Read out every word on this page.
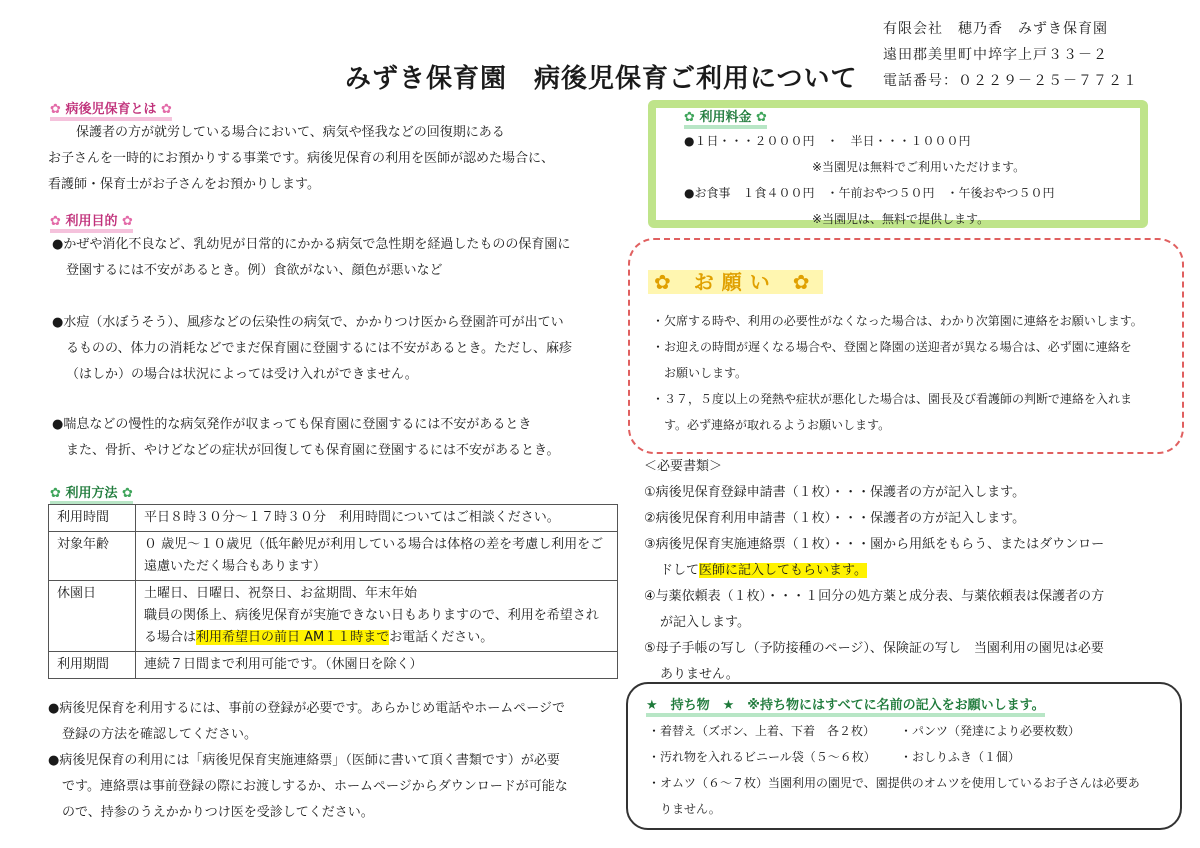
有限会社　穂乃香　みずき保育園
遠田郡美里町中埣字上戸３３－２
電話番号：０２２９－２５－７７２１
みずき保育園　病後児保育ご利用について
✿ 病後児保育とは ✿
保護者の方が就労している場合において、病気や怪我などの回復期にある
お子さんを一時的にお預かりする事業です。病後児保育の利用を医師が認めた場合に、
看護師・保育士がお子さんをお預かりします。
✿ 利用目的 ✿
●かぜや消化不良など、乳幼児が日常的にかかる病気で急性期を経過したものの保育園に
登園するには不安があるとき。例）食欲がない、顔色が悪いなど
●水痘（水ぼうそう）、風疹などの伝染性の病気で、かかりつけ医から登園許可が出てい
るものの、体力の消耗などでまだ保育園に登園するには不安があるとき。ただし、麻疹
（はしか）の場合は状況によっては受け入れができません。
●喘息などの慢性的な病気発作が収まっても保育園に登園するには不安があるとき
また、骨折、やけどなどの症状が回復しても保育園に登園するには不安があるとき。
✿ 利用方法 ✿
利用時間	平日８時３０分～１７時３０分　利用時間についてはご相談ください。
対象年齢	０ 歳児～１０歳児（低年齢児が利用している場合は体格の差を考慮し利用をご遠慮いただく場合もあります）
休園日	土曜日、日曜日、祝祭日、お盆期間、年末年始
職員の関係上、病後児保育が実施できない日もありますので、利用を希望される場合は利用希望日の前日 AM１１時までお電話ください。

利用期間	連続７日間まで利用可能です。（休園日を除く）
●病後児保育を利用するには、事前の登録が必要です。あらかじめ電話やホームページで
登録の方法を確認してください。
●病後児保育の利用には「病後児保育実施連絡票」（医師に書いて頂く書類です）が必要
です。連絡票は事前登録の際にお渡しするか、ホームページからダウンロードが可能な
ので、持参のうえかかりつけ医を受診してください。
✿ 利用料金 ✿
●１日・・・２０００円　・　半日・・・１０００円
※当園児は無料でご利用いただけます。
●お食事　１食４００円　・午前おやつ５０円　・午後おやつ５０円
※当園児は、無料で提供します。
✿ お願い ✿
・欠席する時や、利用の必要性がなくなった場合は、わかり次第園に連絡をお願いします。
・お迎えの時間が遅くなる場合や、登園と降園の送迎者が異なる場合は、必ず園に連絡を
お願いします。
・３７，５度以上の発熱や症状が悪化した場合は、園長及び看護師の判断で連絡を入れま
す。必ず連絡が取れるようお願いします。
＜必要書類＞
①病後児保育登録申請書（１枚）・・・保護者の方が記入します。
②病後児保育利用申請書（１枚）・・・保護者の方が記入します。
③病後児保育実施連絡票（１枚）・・・園から用紙をもらう、またはダウンロー
ドして医師に記入してもらいます。
④与薬依頼表（１枚）・・・１回分の処方薬と成分表、与薬依頼表は保護者の方
が記入します。
⑤母子手帳の写し（予防接種のページ）、保険証の写し　当園利用の園児は必要
ありません。
★　持ち物　★　※持ち物にはすべてに名前の記入をお願いします。
・着替え（ズボン、上着、下着　各２枚） ・パンツ（発達により必要枚数）
・汚れ物を入れるビニール袋（５～６枚） ・おしりふき（１個）
・オムツ（６～７枚）当園利用の園児で、園提供のオムツを使用しているお子さんは必要あ
りません。
